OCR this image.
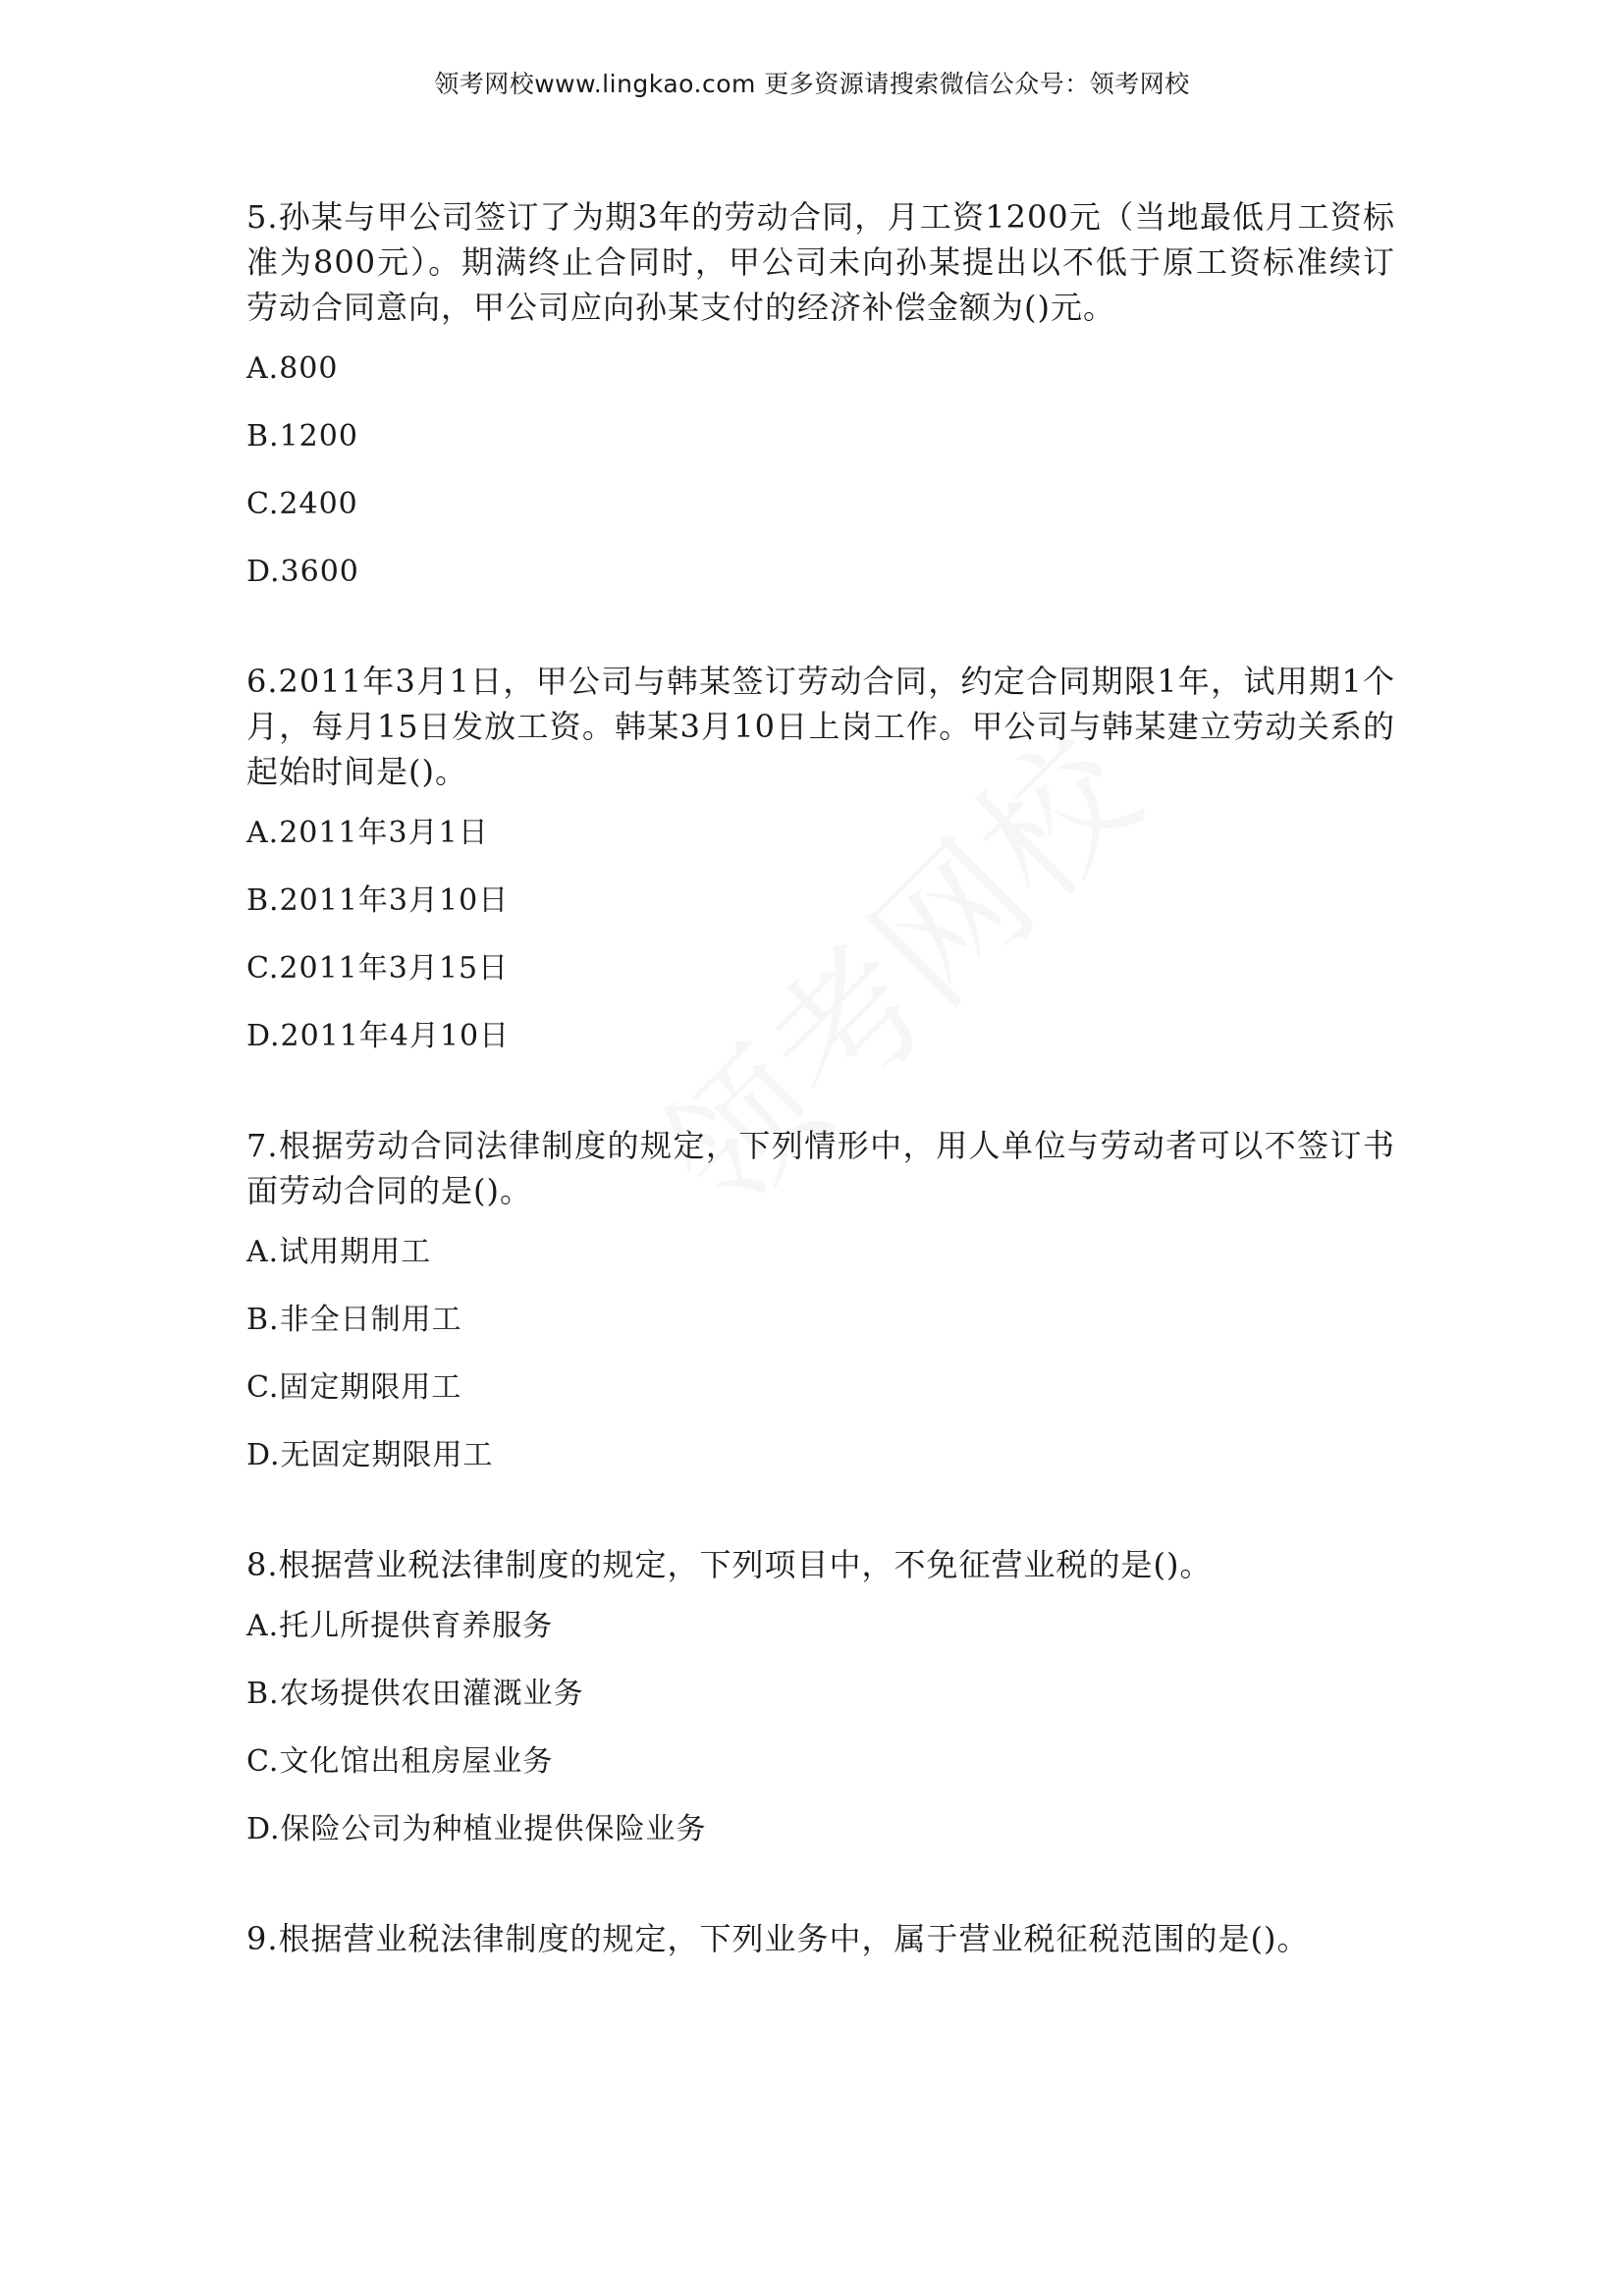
领考网校www.lingkao.com 更多资源请搜索微信公众号：领考网校

5.孙某与甲公司签订了为期3年的劳动合同，月工资1200元（当地最低月工资标准为800元）。期满终止合同时，甲公司未向孙某提出以不低于原工资标准续订劳动合同意向，甲公司应向孙某支付的经济补偿金额为()元。

A.800
B.1200
C.2400
D.3600

6.2011年3月1日，甲公司与韩某签订劳动合同，约定合同期限1年，试用期1个月，每月15日发放工资。韩某3月10日上岗工作。甲公司与韩某建立劳动关系的起始时间是()。

A.2011年3月1日
B.2011年3月10日
C.2011年3月15日
D.2011年4月10日

7.根据劳动合同法律制度的规定，下列情形中，用人单位与劳动者可以不签订书面劳动合同的是()。

A.试用期用工
B.非全日制用工
C.固定期限用工
D.无固定期限用工

8.根据营业税法律制度的规定，下列项目中，不免征营业税的是()。

A.托儿所提供育养服务
B.农场提供农田灌溉业务
C.文化馆出租房屋业务
D.保险公司为种植业提供保险业务

9.根据营业税法律制度的规定，下列业务中，属于营业税征税范围的是()。
